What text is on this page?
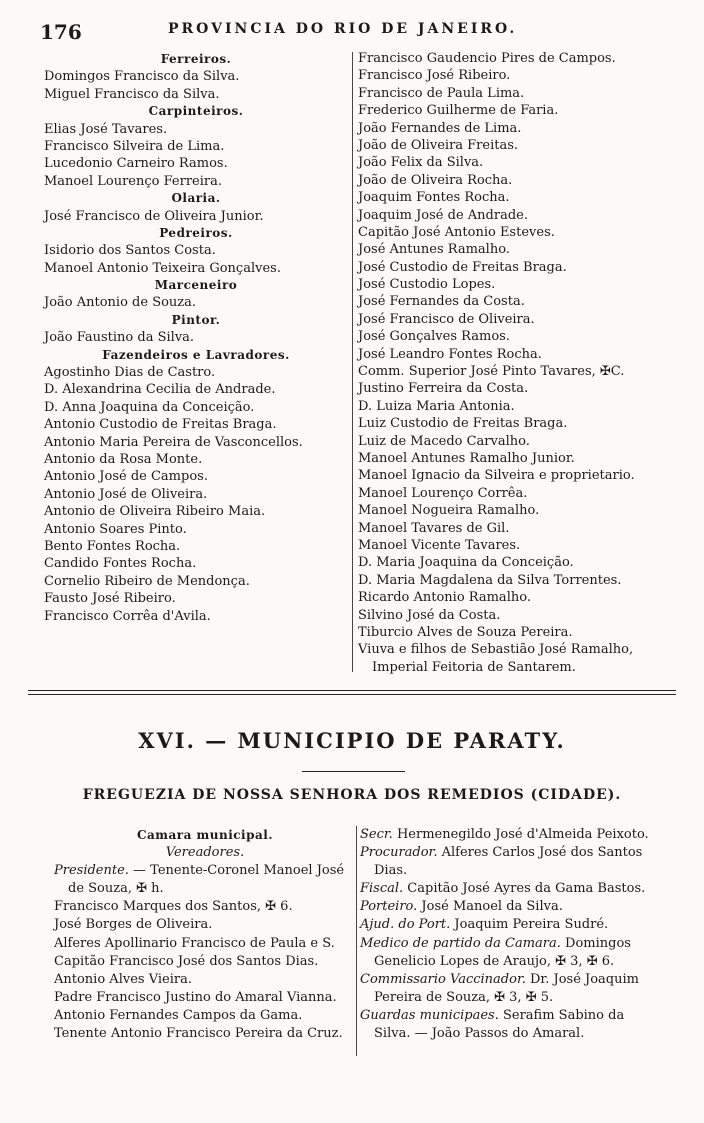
176	PROVINCIA DO RIO DE JANEIRO.
Ferreiros.
Domingos Francisco da Silva.
Miguel Francisco da Silva.
Carpinteiros.
Elias José Tavares.
Francisco Silveira de Lima.
Lucedonio Carneiro Ramos.
Manoel Lourenço Ferreira.
Olaria.
José Francisco de Oliveira Junior.
Pedreiros.
Isidorio dos Santos Costa.
Manoel Antonio Teixeira Gonçalves.
Marceneiro
João Antonio de Souza.
Pintor.
João Faustino da Silva.
Fazendeiros e Lavradores.
Agostinho Dias de Castro.
D. Alexandrina Cecilia de Andrade.
D. Anna Joaquina da Conceição.
Antonio Custodio de Freitas Braga.
Antonio Maria Pereira de Vasconcellos.
Antonio da Rosa Monte.
Antonio José de Campos.
Antonio José de Oliveira.
Antonio de Oliveira Ribeiro Maia.
Antonio Soares Pinto.
Bento Fontes Rocha.
Candido Fontes Rocha.
Cornelio Ribeiro de Mendonça.
Fausto José Ribeiro.
Francisco Corrêa d'Avila.
Francisco Gaudencio Pires de Campos.
Francisco José Ribeiro.
Francisco de Paula Lima.
Frederico Guilherme de Faria.
João Fernandes de Lima.
João de Oliveira Freitas.
João Felix da Silva.
João de Oliveira Rocha.
Joaquim Fontes Rocha.
Joaquim José de Andrade.
Capitão José Antonio Esteves.
José Antunes Ramalho.
José Custodio de Freitas Braga.
José Custodio Lopes.
José Fernandes da Costa.
José Francisco de Oliveira.
José Gonçalves Ramos.
José Leandro Fontes Rocha.
Comm. Superior José Pinto Tavares, ✠C.
Justino Ferreira da Costa.
D. Luiza Maria Antonia.
Luiz Custodio de Freitas Braga.
Luiz de Macedo Carvalho.
Manoel Antunes Ramalho Junior.
Manoel Ignacio da Silveira e proprietario.
Manoel Lourenço Corrêa.
Manoel Nogueira Ramalho.
Manoel Tavares de Gil.
Manoel Vicente Tavares.
D. Maria Joaquina da Conceição.
D. Maria Magdalena da Silva Torrentes.
Ricardo Antonio Ramalho.
Silvino José da Costa.
Tiburcio Alves de Souza Pereira.
Viuva e filhos de Sebastião José Ramalho,
Imperial Feitoria de Santarem.
XVI. — MUNICIPIO DE PARATY.
FREGUEZIA DE NOSSA SENHORA DOS REMEDIOS (CIDADE).
Camara municipal.
Vereadores.
Presidente. — Tenente-Coronel Manoel José
de Souza, ✠ h.
Francisco Marques dos Santos, ✠ 6.
José Borges de Oliveira.
Alferes Apollinario Francisco de Paula e S.
Capitão Francisco José dos Santos Dias.
Antonio Alves Vieira.
Padre Francisco Justino do Amaral Vianna.
Antonio Fernandes Campos da Gama.
Tenente Antonio Francisco Pereira da Cruz.
Secr. Hermenegildo José d'Almeida Peixoto.
Procurador. Alferes Carlos José dos Santos
Dias.
Fiscal. Capitão José Ayres da Gama Bastos.
Porteiro. José Manoel da Silva.
Ajud. do Port. Joaquim Pereira Sudré.
Medico de partido da Camara. Domingos
Genelicio Lopes de Araujo, ✠ 3, ✠ 6.
Commissario Vaccinador. Dr. José Joaquim
Pereira de Souza, ✠ 3, ✠ 5.
Guardas municipaes. Serafim Sabino da
Silva. — João Passos do Amaral.
